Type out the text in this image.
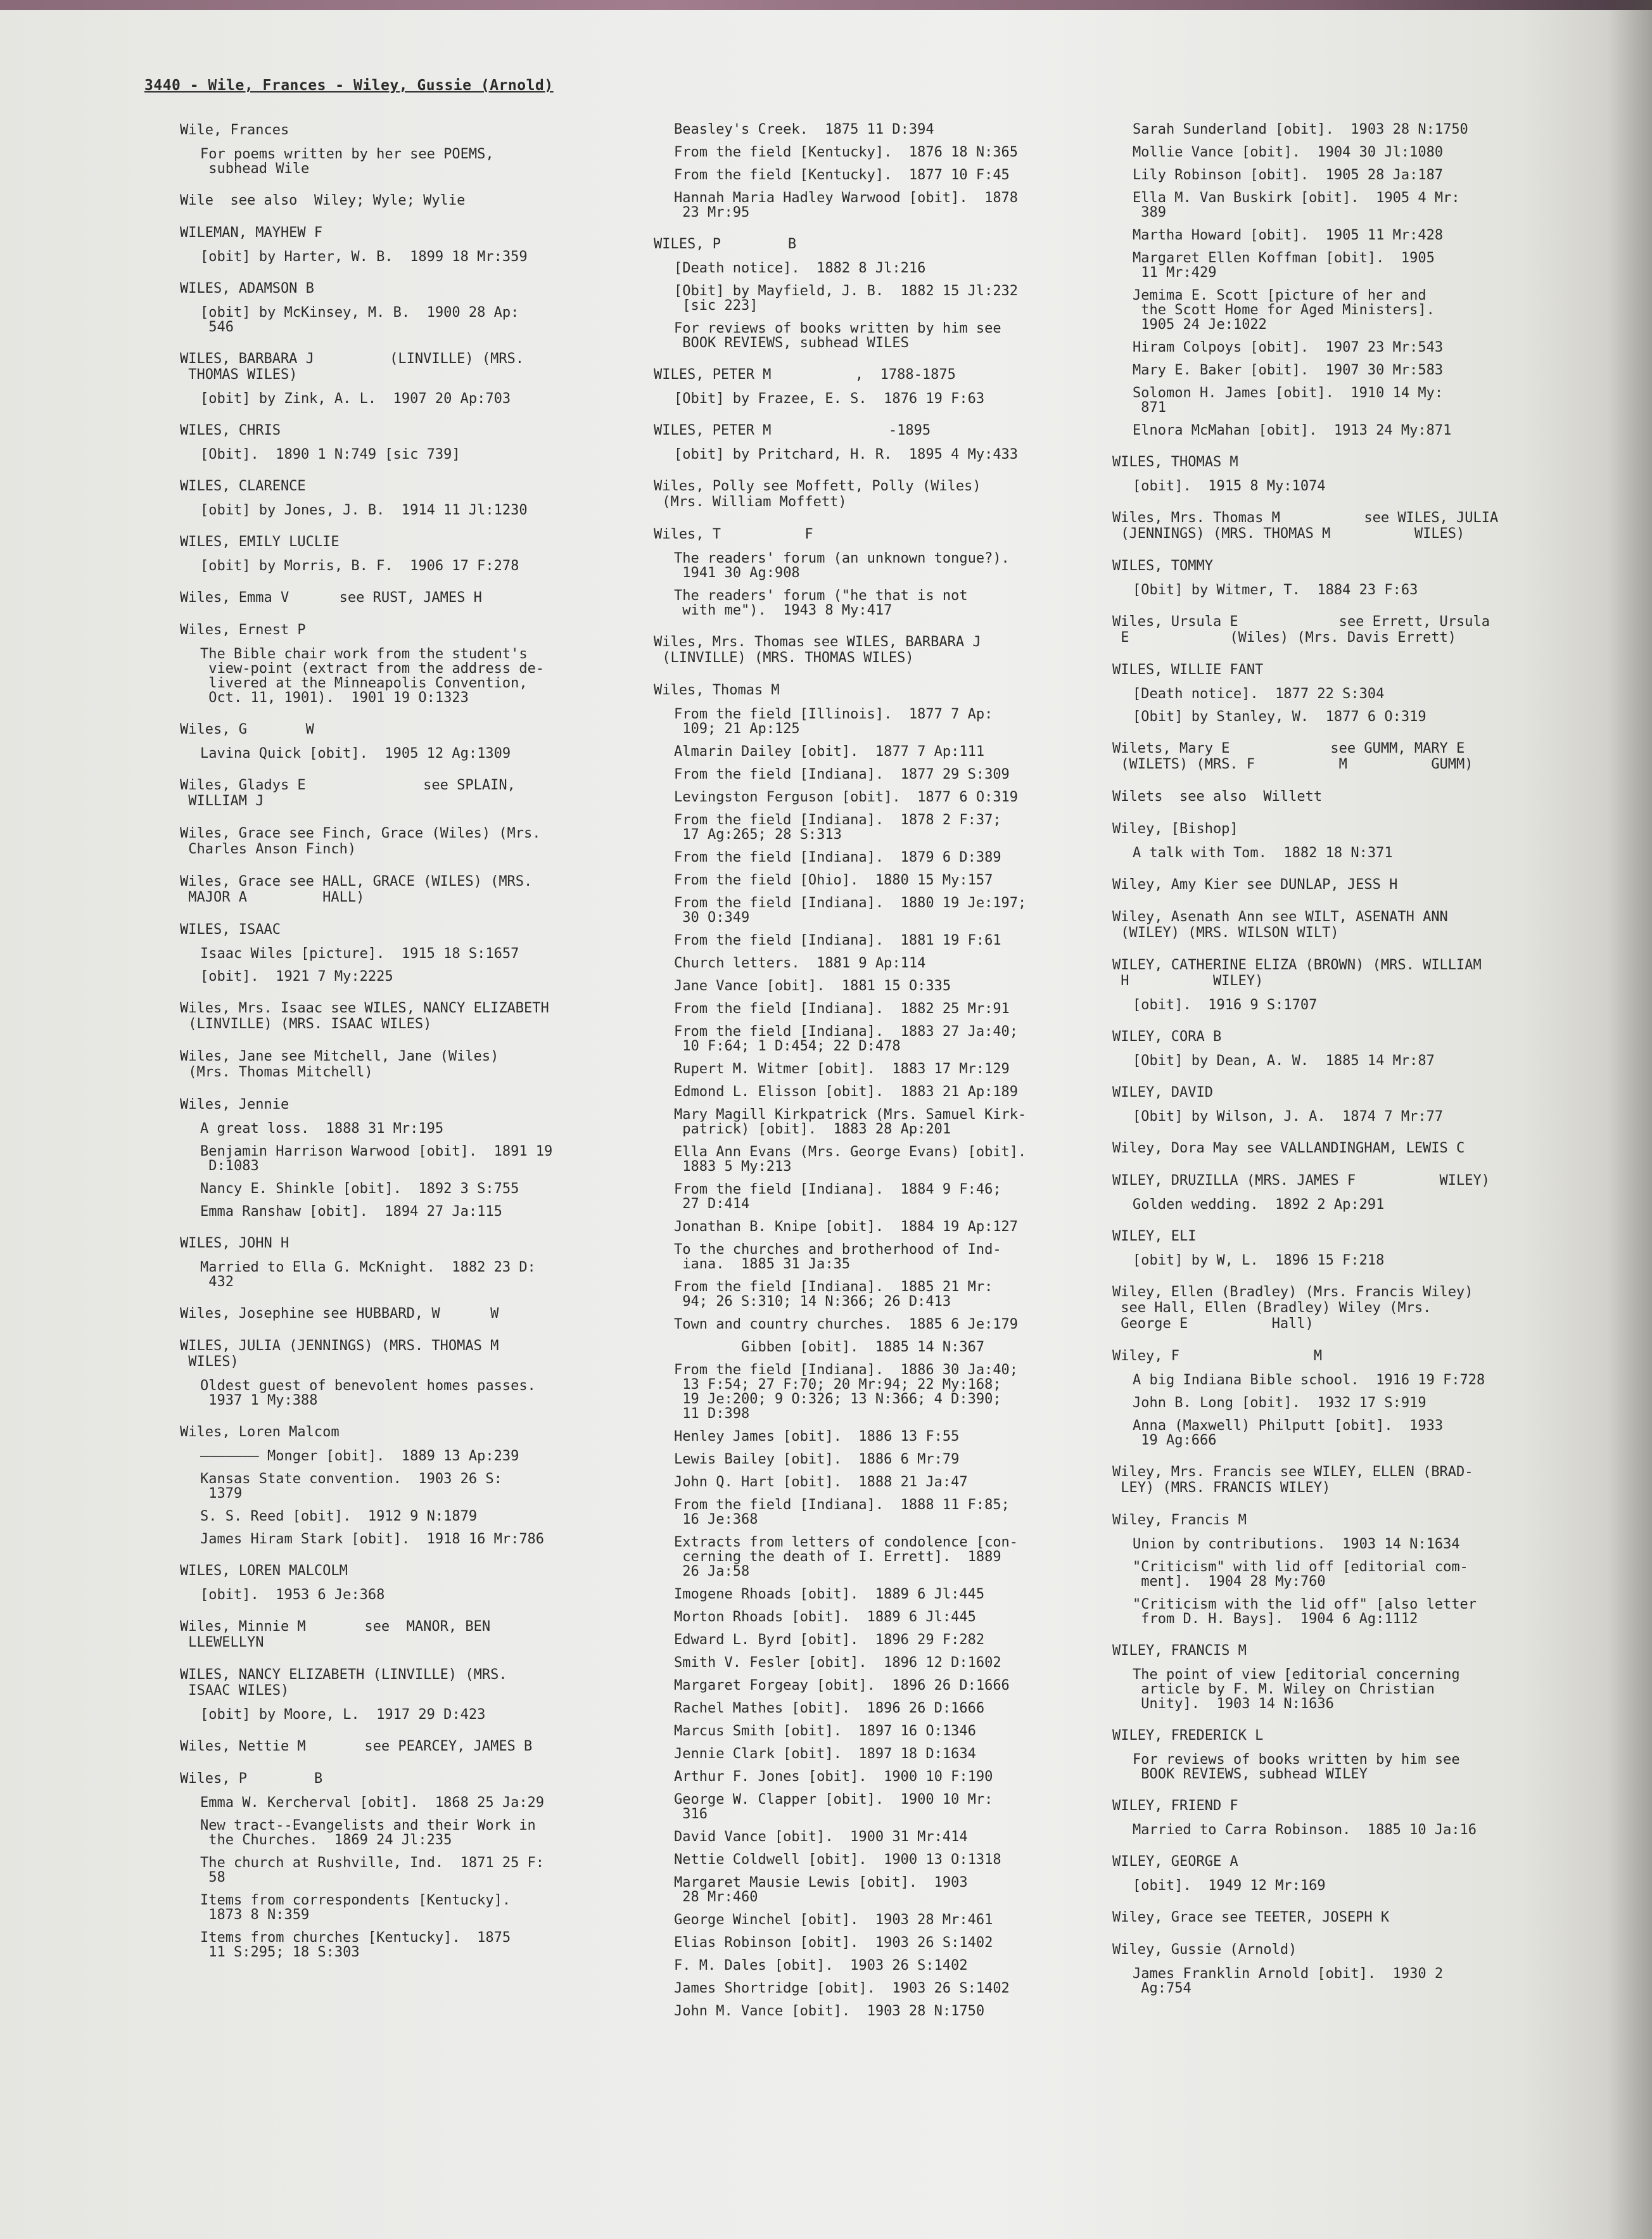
3440 - Wile, Frances - Wiley, Gussie (Arnold)
Wile, Frances
For poems written by her see POEMS,
subhead Wile
Wile  see also  Wiley; Wyle; Wylie
WILEMAN, MAYHEW F
[obit] by Harter, W. B.  1899 18 Mr:359
WILES, ADAMSON B
[obit] by McKinsey, M. B.  1900 28 Ap:
546
WILES, BARBARA J         (LINVILLE) (MRS.
THOMAS WILES)
[obit] by Zink, A. L.  1907 20 Ap:703
WILES, CHRIS
[Obit].  1890 1 N:749 [sic 739]
WILES, CLARENCE
[obit] by Jones, J. B.  1914 11 Jl:1230
WILES, EMILY LUCLIE
[obit] by Morris, B. F.  1906 17 F:278
Wiles, Emma V      see RUST, JAMES H
Wiles, Ernest P
The Bible chair work from the student's
view-point (extract from the address de-
livered at the Minneapolis Convention,
Oct. 11, 1901).  1901 19 O:1323
Wiles, G       W
Lavina Quick [obit].  1905 12 Ag:1309
Wiles, Gladys E              see SPLAIN,
WILLIAM J
Wiles, Grace see Finch, Grace (Wiles) (Mrs.
Charles Anson Finch)
Wiles, Grace see HALL, GRACE (WILES) (MRS.
MAJOR A         HALL)
WILES, ISAAC
Isaac Wiles [picture].  1915 18 S:1657
[obit].  1921 7 My:2225
Wiles, Mrs. Isaac see WILES, NANCY ELIZABETH
(LINVILLE) (MRS. ISAAC WILES)
Wiles, Jane see Mitchell, Jane (Wiles)
(Mrs. Thomas Mitchell)
Wiles, Jennie
A great loss.  1888 31 Mr:195
Benjamin Harrison Warwood [obit].  1891 19
D:1083
Nancy E. Shinkle [obit].  1892 3 S:755
Emma Ranshaw [obit].  1894 27 Ja:115
WILES, JOHN H
Married to Ella G. McKnight.  1882 23 D:
432
Wiles, Josephine see HUBBARD, W      W
WILES, JULIA (JENNINGS) (MRS. THOMAS M
WILES)
Oldest guest of benevolent homes passes.
1937 1 My:388
Wiles, Loren Malcom
——————— Monger [obit].  1889 13 Ap:239
Kansas State convention.  1903 26 S:
1379
S. S. Reed [obit].  1912 9 N:1879
James Hiram Stark [obit].  1918 16 Mr:786
WILES, LOREN MALCOLM
[obit].  1953 6 Je:368
Wiles, Minnie M       see  MANOR, BEN
LLEWELLYN
WILES, NANCY ELIZABETH (LINVILLE) (MRS.
ISAAC WILES)
[obit] by Moore, L.  1917 29 D:423
Wiles, Nettie M       see PEARCEY, JAMES B
Wiles, P        B
Emma W. Kercherval [obit].  1868 25 Ja:29
New tract--Evangelists and their Work in
the Churches.  1869 24 Jl:235
The church at Rushville, Ind.  1871 25 F:
58
Items from correspondents [Kentucky].
1873 8 N:359
Items from churches [Kentucky].  1875
11 S:295; 18 S:303
Beasley's Creek.  1875 11 D:394
From the field [Kentucky].  1876 18 N:365
From the field [Kentucky].  1877 10 F:45
Hannah Maria Hadley Warwood [obit].  1878
23 Mr:95
WILES, P        B
[Death notice].  1882 8 Jl:216
[Obit] by Mayfield, J. B.  1882 15 Jl:232
[sic 223]
For reviews of books written by him see
BOOK REVIEWS, subhead WILES
WILES, PETER M          ,  1788-1875
[Obit] by Frazee, E. S.  1876 19 F:63
WILES, PETER M              -1895
[obit] by Pritchard, H. R.  1895 4 My:433
Wiles, Polly see Moffett, Polly (Wiles)
(Mrs. William Moffett)
Wiles, T          F
The readers' forum (an unknown tongue?).
1941 30 Ag:908
The readers' forum ("he that is not
with me").  1943 8 My:417
Wiles, Mrs. Thomas see WILES, BARBARA J
(LINVILLE) (MRS. THOMAS WILES)
Wiles, Thomas M
From the field [Illinois].  1877 7 Ap:
109; 21 Ap:125
Almarin Dailey [obit].  1877 7 Ap:111
From the field [Indiana].  1877 29 S:309
Levingston Ferguson [obit].  1877 6 O:319
From the field [Indiana].  1878 2 F:37;
17 Ag:265; 28 S:313
From the field [Indiana].  1879 6 D:389
From the field [Ohio].  1880 15 My:157
From the field [Indiana].  1880 19 Je:197;
30 O:349
From the field [Indiana].  1881 19 F:61
Church letters.  1881 9 Ap:114
Jane Vance [obit].  1881 15 O:335
From the field [Indiana].  1882 25 Mr:91
From the field [Indiana].  1883 27 Ja:40;
10 F:64; 1 D:454; 22 D:478
Rupert M. Witmer [obit].  1883 17 Mr:129
Edmond L. Elisson [obit].  1883 21 Ap:189
Mary Magill Kirkpatrick (Mrs. Samuel Kirk-
patrick) [obit].  1883 28 Ap:201
Ella Ann Evans (Mrs. George Evans) [obit].
1883 5 My:213
From the field [Indiana].  1884 9 F:46;
27 D:414
Jonathan B. Knipe [obit].  1884 19 Ap:127
To the churches and brotherhood of Ind-
iana.  1885 31 Ja:35
From the field [Indiana].  1885 21 Mr:
94; 26 S:310; 14 N:366; 26 D:413
Town and country churches.  1885 6 Je:179
Gibben [obit].  1885 14 N:367
From the field [Indiana].  1886 30 Ja:40;
13 F:54; 27 F:70; 20 Mr:94; 22 My:168;
19 Je:200; 9 O:326; 13 N:366; 4 D:390;
11 D:398
Henley James [obit].  1886 13 F:55
Lewis Bailey [obit].  1886 6 Mr:79
John Q. Hart [obit].  1888 21 Ja:47
From the field [Indiana].  1888 11 F:85;
16 Je:368
Extracts from letters of condolence [con-
cerning the death of I. Errett].  1889
26 Ja:58
Imogene Rhoads [obit].  1889 6 Jl:445
Morton Rhoads [obit].  1889 6 Jl:445
Edward L. Byrd [obit].  1896 29 F:282
Smith V. Fesler [obit].  1896 12 D:1602
Margaret Forgeay [obit].  1896 26 D:1666
Rachel Mathes [obit].  1896 26 D:1666
Marcus Smith [obit].  1897 16 O:1346
Jennie Clark [obit].  1897 18 D:1634
Arthur F. Jones [obit].  1900 10 F:190
George W. Clapper [obit].  1900 10 Mr:
316
David Vance [obit].  1900 31 Mr:414
Nettie Coldwell [obit].  1900 13 O:1318
Margaret Mausie Lewis [obit].  1903
28 Mr:460
George Winchel [obit].  1903 28 Mr:461
Elias Robinson [obit].  1903 26 S:1402
F. M. Dales [obit].  1903 26 S:1402
James Shortridge [obit].  1903 26 S:1402
John M. Vance [obit].  1903 28 N:1750
Sarah Sunderland [obit].  1903 28 N:1750
Mollie Vance [obit].  1904 30 Jl:1080
Lily Robinson [obit].  1905 28 Ja:187
Ella M. Van Buskirk [obit].  1905 4 Mr:
389
Martha Howard [obit].  1905 11 Mr:428
Margaret Ellen Koffman [obit].  1905
11 Mr:429
Jemima E. Scott [picture of her and
the Scott Home for Aged Ministers].
1905 24 Je:1022
Hiram Colpoys [obit].  1907 23 Mr:543
Mary E. Baker [obit].  1907 30 Mr:583
Solomon H. James [obit].  1910 14 My:
871
Elnora McMahan [obit].  1913 24 My:871
WILES, THOMAS M
[obit].  1915 8 My:1074
Wiles, Mrs. Thomas M          see WILES, JULIA
(JENNINGS) (MRS. THOMAS M          WILES)
WILES, TOMMY
[Obit] by Witmer, T.  1884 23 F:63
Wiles, Ursula E            see Errett, Ursula
E            (Wiles) (Mrs. Davis Errett)
WILES, WILLIE FANT
[Death notice].  1877 22 S:304
[Obit] by Stanley, W.  1877 6 O:319
Wilets, Mary E            see GUMM, MARY E
(WILETS) (MRS. F          M          GUMM)
Wilets  see also  Willett
Wiley, [Bishop]
A talk with Tom.  1882 18 N:371
Wiley, Amy Kier see DUNLAP, JESS H
Wiley, Asenath Ann see WILT, ASENATH ANN
(WILEY) (MRS. WILSON WILT)
WILEY, CATHERINE ELIZA (BROWN) (MRS. WILLIAM
H          WILEY)
[obit].  1916 9 S:1707
WILEY, CORA B
[Obit] by Dean, A. W.  1885 14 Mr:87
WILEY, DAVID
[Obit] by Wilson, J. A.  1874 7 Mr:77
Wiley, Dora May see VALLANDINGHAM, LEWIS C
WILEY, DRUZILLA (MRS. JAMES F          WILEY)
Golden wedding.  1892 2 Ap:291
WILEY, ELI
[obit] by W, L.  1896 15 F:218
Wiley, Ellen (Bradley) (Mrs. Francis Wiley)
see Hall, Ellen (Bradley) Wiley (Mrs.
George E          Hall)
Wiley, F                M
A big Indiana Bible school.  1916 19 F:728
John B. Long [obit].  1932 17 S:919
Anna (Maxwell) Philputt [obit].  1933
19 Ag:666
Wiley, Mrs. Francis see WILEY, ELLEN (BRAD-
LEY) (MRS. FRANCIS WILEY)
Wiley, Francis M
Union by contributions.  1903 14 N:1634
"Criticism" with lid off [editorial com-
ment].  1904 28 My:760
"Criticism with the lid off" [also letter
from D. H. Bays].  1904 6 Ag:1112
WILEY, FRANCIS M
The point of view [editorial concerning
article by F. M. Wiley on Christian
Unity].  1903 14 N:1636
WILEY, FREDERICK L
For reviews of books written by him see
BOOK REVIEWS, subhead WILEY
WILEY, FRIEND F
Married to Carra Robinson.  1885 10 Ja:16
WILEY, GEORGE A
[obit].  1949 12 Mr:169
Wiley, Grace see TEETER, JOSEPH K
Wiley, Gussie (Arnold)
James Franklin Arnold [obit].  1930 2
Ag:754
